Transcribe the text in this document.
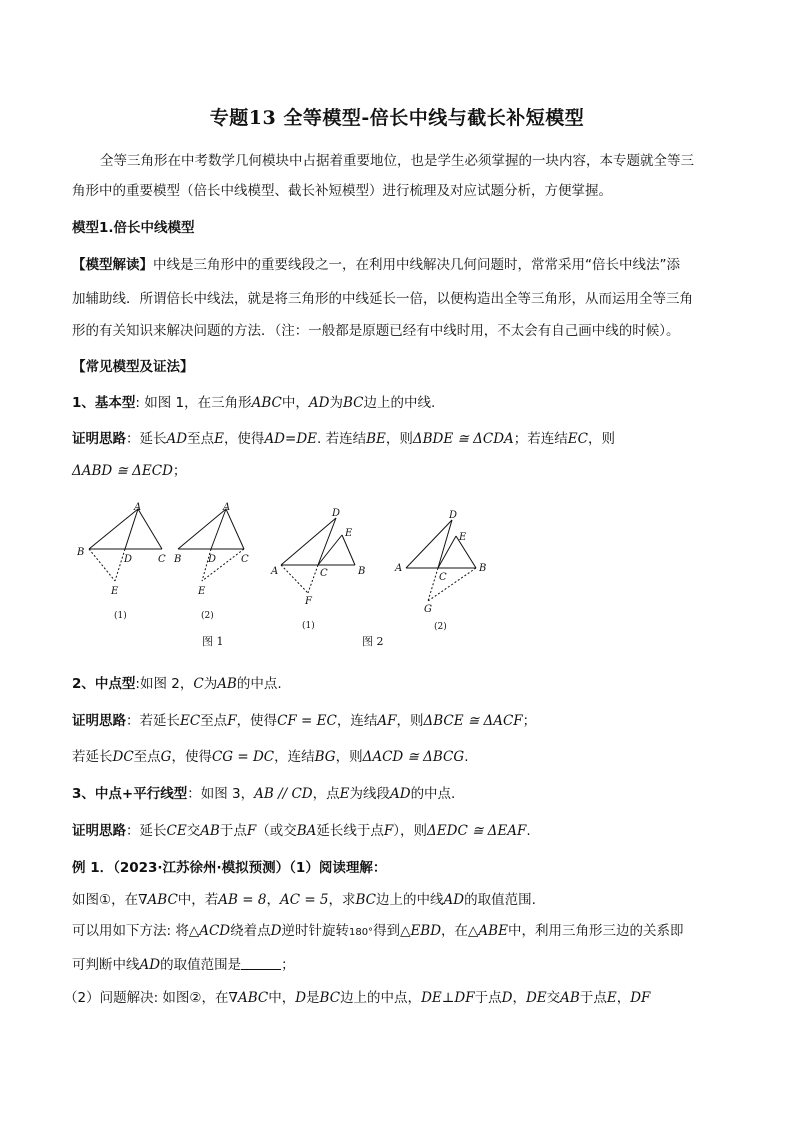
专题13 全等模型-倍长中线与截长补短模型
全等三角形在中考数学几何模块中占据着重要地位，也是学生必须掌握的一块内容，本专题就全等三
角形中的重要模型（倍长中线模型、截长补短模型）进行梳理及对应试题分析，方便掌握。
模型1.倍长中线模型
【模型解读】中线是三角形中的重要线段之一，在利用中线解决几何问题时，常常采用“倍长中线法”添
加辅助线．所谓倍长中线法，就是将三角形的中线延长一倍，以便构造出全等三角形，从而运用全等三角
形的有关知识来解决问题的方法．（注：一般都是原题已经有中线时用，不太会有自己画中线的时候）。
【常见模型及证法】
1、基本型: 如图 1，在三角形ABC中，AD为BC边上的中线.
证明思路：延长AD至点E，使得AD=DE. 若连结BE，则ΔBDE ≅ ΔCDA；若连结EC，则
ΔABD ≅ ΔECD；
A
B
D	C
E
A
B	D C
E
D
E
A	C	B
F
D
E
A
C
B
G
(1)	(2)
(1)	(2)
图 1	图 2
2、中点型:如图 2，C为AB的中点.
证明思路：若延长EC至点F，使得CF = EC，连结AF，则ΔBCE ≅ ΔACF；
若延长DC至点G，使得CG = DC，连结BG，则ΔACD ≅ ΔBCG.
3、中点+平行线型：如图 3，AB // CD，点E为线段AD的中点.
证明思路：延长CE交AB于点F（或交BA延长线于点F），则ΔEDC ≅ ΔEAF.
例 1．（2023·江苏徐州·模拟预测）（1）阅读理解：
如图①，在∇ABC中，若AB = 8，AC = 5，求BC边上的中线AD的取值范围.
可以用如下方法: 将△ACD绕着点D逆时针旋转180°得到△EBD，在△ABE中，利用三角形三边的关系即
可判断中线AD的取值范围是	；
（2）问题解决: 如图②，在∇ABC中，D是BC边上的中点，DE⊥DF于点D，DE交AB于点E，DF
